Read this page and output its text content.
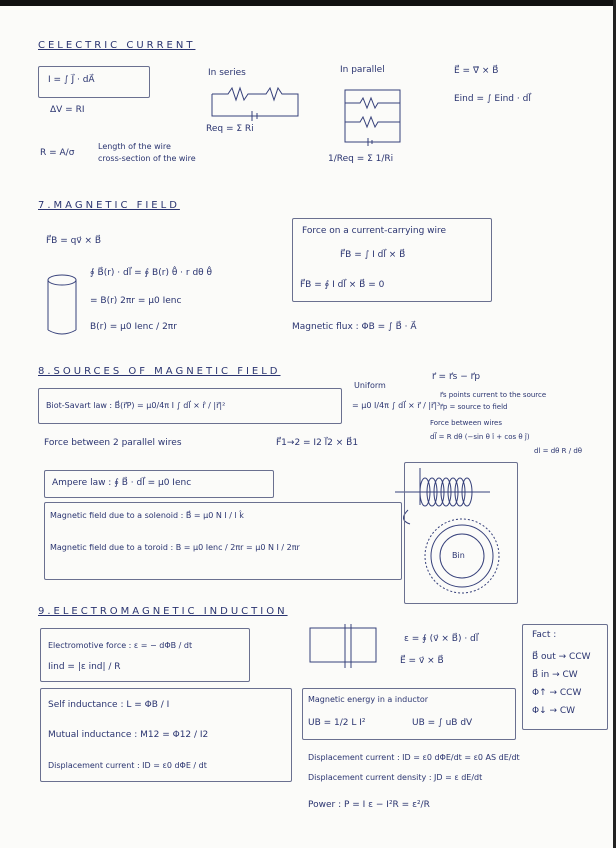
CELECTRIC CURRENT
I = ∫ J⃗ · dA⃗
ΔV = RI
R = A/σ
Length of the wire
cross-section of the wire
In series
Req = Σ Ri
In parallel
1/Req = Σ 1/Ri
E⃗ = ∇⃗ × B⃗
Eind = ∫ Eind · dl⃗
7.MAGNETIC FIELD
F⃗B = qv⃗ × B⃗
∮ B⃗(r) · dl⃗ = ∮ B(r) θ̂ · r dθ θ̂
= B(r) 2πr = μ0 Ienc
B(r) = μ0 Ienc / 2πr
Force on a current-carrying wire
F⃗B = ∫ I dl⃗ × B⃗
F⃗B = ∮ I dl⃗ × B⃗ = 0
Magnetic flux : ΦB = ∫ B⃗ · A⃗
8.SOURCES OF MAGNETIC FIELD
Biot-Savart law : B⃗(r⃗P) = μ0/4π I ∫ dl⃗ × r̂ / |r⃗|²	= μ0 I/4π ∫ dl⃗ × r⃗ / |r⃗|³
Uniform
r⃗ = r⃗s − r⃗p
r⃗s points current to the source
r⃗p = source to field
Force between wires
dl⃗ = R dθ (−sin θ î + cos θ ĵ)
dl = dθ R / dθ
Force between 2 parallel wires	F⃗1→2 = I2 l⃗2 × B⃗1
Ampere law : ∮ B⃗ · dl⃗ = μ0 Ienc
Magnetic field due to a solenoid : B⃗ = μ0 N I / l k̂
Magnetic field due to a toroid : B = μ0 Ienc / 2πr = μ0 N I / 2πr
Bin
9.ELECTROMAGNETIC INDUCTION
Electromotive force : ε = − dΦB / dt
Iind = |ε ind| / R
ε = ∮ (v⃗ × B⃗) · dl⃗
E⃗ = v⃗ × B⃗
Self inductance : L = ΦB / I
Mutual inductance : M12 = Φ12 / I2
Displacement current : ID = ε0 dΦE / dt
Magnetic energy in a inductor
UB = 1/2 L I²	UB = ∫ uB dV
Displacement current : ID = ε0 dΦE/dt = ε0 AS dE/dt
Displacement current density : JD = ε dE/dt
Power : P = I ε − I²R = ε²/R
Fact :
B⃗ out → CCW
B⃗ in → CW
Φ↑ → CCW
Φ↓ → CW
